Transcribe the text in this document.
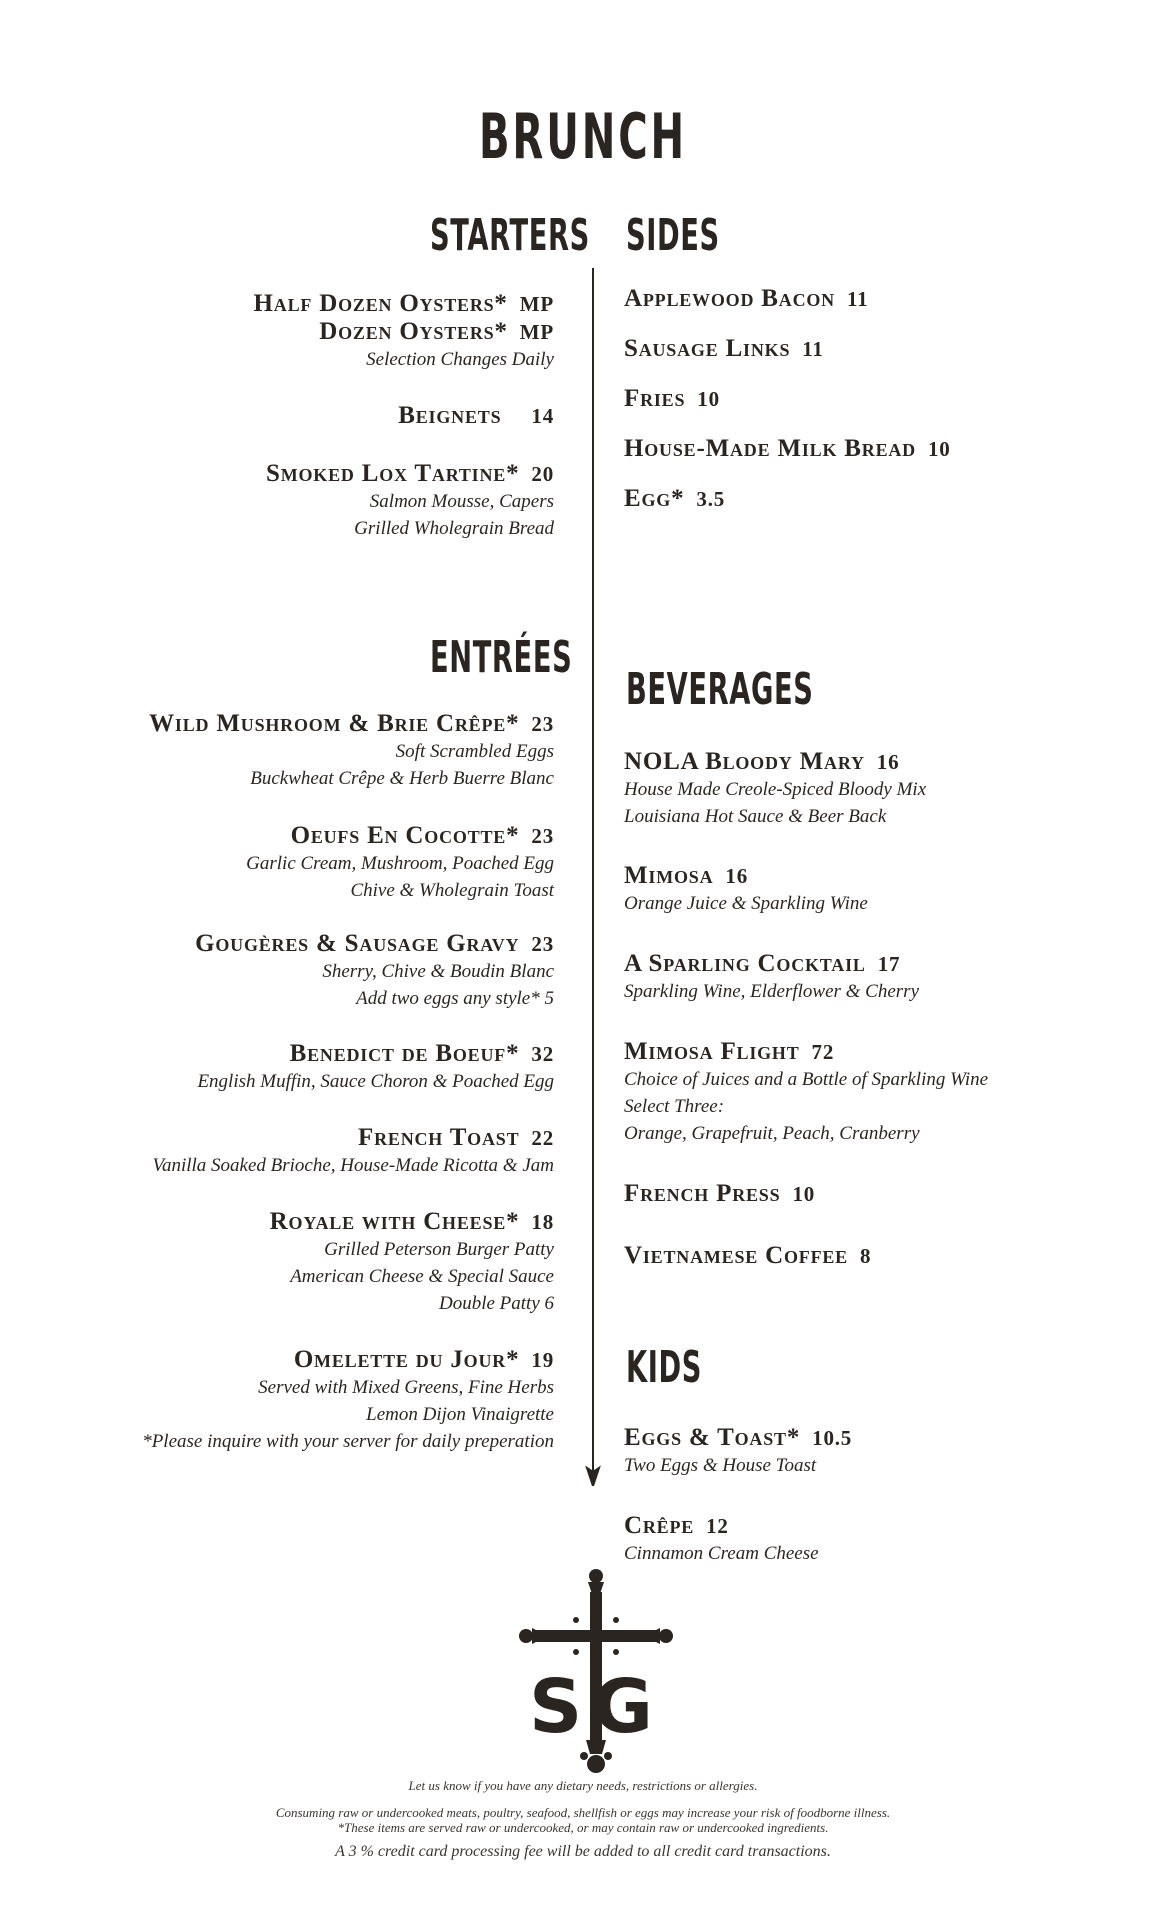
BRUNCH
STARTERS SIDES
ENTRÉES
BEVERAGES
KIDS
Half Dozen Oysters* MP
Dozen Oysters* MP
Selection Changes Daily
Beignets 14
Smoked Lox Tartine* 20
Salmon Mousse, Capers
Grilled Wholegrain Bread
Applewood Bacon 11
Sausage Links 11
Fries 10
House-Made Milk Bread 10
Egg* 3.5
Wild Mushroom & Brie Crêpe* 23
Soft Scrambled Eggs
Buckwheat Crêpe & Herb Buerre Blanc
Oeufs En Cocotte* 23
Garlic Cream, Mushroom, Poached Egg
Chive & Wholegrain Toast
Gougères & Sausage Gravy 23
Sherry, Chive & Boudin Blanc
Add two eggs any style* 5
Benedict de Boeuf* 32
English Muffin, Sauce Choron & Poached Egg
French Toast 22
Vanilla Soaked Brioche, House-Made Ricotta & Jam
Royale with Cheese* 18
Grilled Peterson Burger Patty
American Cheese & Special Sauce
Double Patty 6
Omelette du Jour* 19
Served with Mixed Greens, Fine Herbs
Lemon Dijon Vinaigrette
*Please inquire with your server for daily preperation
NOLA Bloody Mary 16
House Made Creole-Spiced Bloody Mix
Louisiana Hot Sauce & Beer Back
Mimosa 16
Orange Juice & Sparkling Wine
A Sparling Cocktail 17
Sparkling Wine, Elderflower & Cherry
Mimosa Flight 72
Choice of Juices and a Bottle of Sparkling Wine
Select Three:
Orange, Grapefruit, Peach, Cranberry
French Press 10
Vietnamese Coffee 8
Eggs & Toast* 10.5
Two Eggs & House Toast
Crêpe 12
Cinnamon Cream Cheese
SG
Let us know if you have any dietary needs, restrictions or allergies.
Consuming raw or undercooked meats, poultry, seafood, shellfish or eggs may increase your risk of foodborne illness.
*These items are served raw or undercooked, or may contain raw or undercooked ingredients.
A 3 % credit card processing fee will be added to all credit card transactions.
